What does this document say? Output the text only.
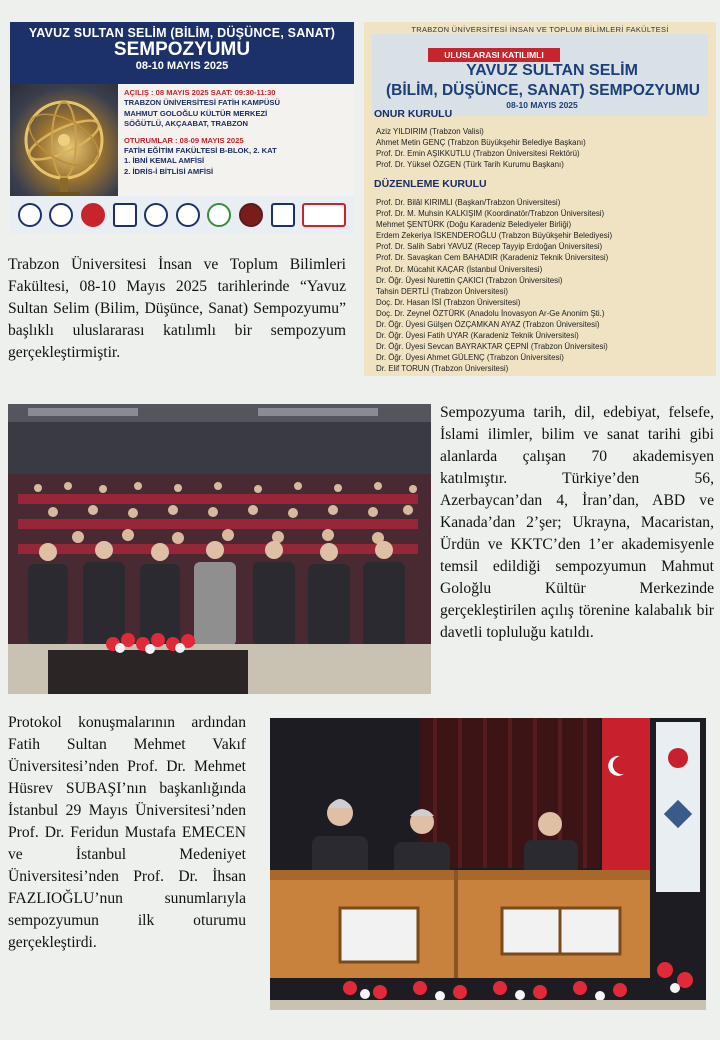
YAVUZ SULTAN SELİM (BİLİM, DÜŞÜNCE, SANAT)
SEMPOZYUMU
08-10 MAYIS 2025
AÇILIŞ : 08 MAYIS 2025 SAAT: 09:30-11:30
TRABZON ÜNİVERSİTESİ FATİH KAMPÜSÜ
MAHMUT GOLOĞLU KÜLTÜR MERKEZİ
SÖĞÜTLÜ, AKÇAABAT, TRABZON
OTURUMLAR : 08-09 MAYIS 2025
FATİH EĞİTİM FAKÜLTESİ B-BLOK, 2. KAT
1. İBNİ KEMAL AMFİSİ
2. İDRİS-İ BİTLİSİ AMFİSİ
TRABZON ÜNİVERSİTESİ İNSAN VE TOPLUM BİLİMLERİ FAKÜLTESİ
ULUSLARASI KATILIMLI
YAVUZ SULTAN SELİM
(BİLİM, DÜŞÜNCE, SANAT) SEMPOZYUMU
08-10 MAYIS 2025
ONUR KURULU
Aziz YILDIRIM (Trabzon Valisi)
Ahmet Metin GENÇ (Trabzon Büyükşehir Belediye Başkanı)
Prof. Dr. Emin AŞIKKUTLU (Trabzon Üniversitesi Rektörü)
Prof. Dr. Yüksel ÖZGEN (Türk Tarih Kurumu Başkanı)
DÜZENLEME KURULU
Prof. Dr. Bilâl KIRIMLI (Başkan/Trabzon Üniversitesi)
Prof. Dr. M. Muhsin KALKIŞIM (Koordinatör/Trabzon Üniversitesi)
Mehmet ŞENTÜRK (Doğu Karadeniz Belediyeler Birliği)
Erdem Zekeriya İSKENDEROĞLU (Trabzon Büyükşehir Belediyesi)
Prof. Dr. Salih Sabri YAVUZ (Recep Tayyip Erdoğan Üniversitesi)
Prof. Dr. Savaşkan Cem BAHADIR (Karadeniz Teknik Üniversitesi)
Prof. Dr. Mücahit KAÇAR (İstanbul Üniversitesi)
Dr. Öğr. Üyesi Nurettin ÇAKICI (Trabzon Üniversitesi)
Tahsin DERTLİ (Trabzon Üniversitesi)
Doç. Dr. Hasan İSİ (Trabzon Üniversitesi)
Doç. Dr. Zeynel ÖZTÜRK (Anadolu İnovasyon Ar-Ge Anonim Şti.)
Dr. Öğr. Üyesi Gülşen ÖZÇAMKAN AYAZ (Trabzon Üniversitesi)
Dr. Öğr. Üyesi Fatih UYAR (Karadeniz Teknik Üniversitesi)
Dr. Öğr. Üyesi Sevcan BAYRAKTAR ÇEPNİ (Trabzon Üniversitesi)
Dr. Öğr. Üyesi Ahmet GÜLENÇ (Trabzon Üniversitesi)
Dr. Elif TORUN (Trabzon Üniversitesi)
Trabzon Üniversitesi İnsan ve Toplum Bilimleri Fakültesi, 08-10 Mayıs 2025 tarihlerinde “Yavuz Sultan Selim (Bilim, Düşünce, Sanat) Sempozyumu” başlıklı uluslararası katılımlı bir sempozyum gerçekleştirmiştir.
Sempozyuma tarih, dil, edebiyat, felsefe, İslami ilimler, bilim ve sanat tarihi gibi alanlarda çalışan 70 akademisyen katılmıştır. Türkiye’den 56, Azerbaycan’dan 4, İran’dan, ABD ve Kanada’dan 2’şer; Ukrayna, Macaristan, Ürdün ve KKTC’den 1’er akademisyenle temsil edildiği sempozyumun Mahmut Goloğlu Kültür Merkezinde gerçekleştirilen açılış törenine kalabalık bir davetli topluluğu katıldı.
Protokol konuşmalarının ardından Fatih Sultan Mehmet Vakıf Üniversitesi’nden Prof. Dr. Mehmet Hüsrev SUBAŞI’nın başkanlığında İstanbul 29 Mayıs Üniversitesi’nden Prof. Dr. Feridun Mustafa EMECEN ve İstanbul Medeniyet Üniversitesi’nden Prof. Dr. İhsan FAZLIOĞLU’nun sunumlarıyla sempozyumun ilk oturumu gerçekleştirdi.
